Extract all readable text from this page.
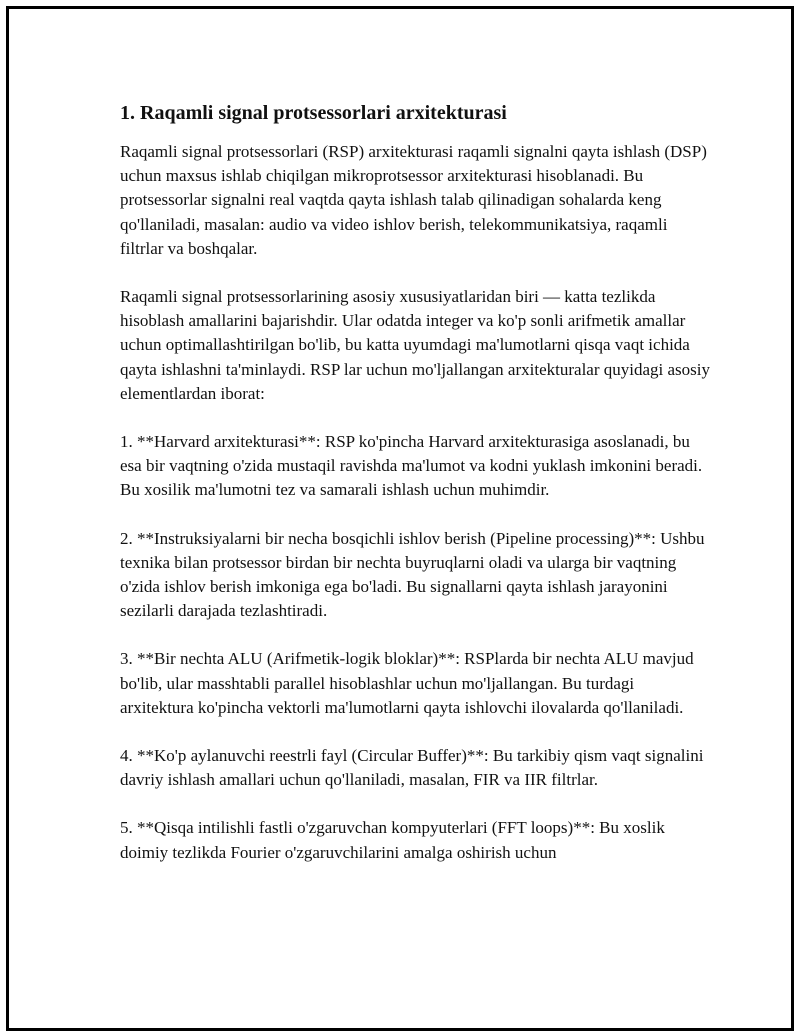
1. Raqamli signal protsessorlari arxitekturasi

Raqamli signal protsessorlari (RSP) arxitekturasi raqamli signalni qayta ishlash (DSP) uchun maxsus ishlab chiqilgan mikroprotsessor arxitekturasi hisoblanadi. Bu protsessorlar signalni real vaqtda qayta ishlash talab qilinadigan sohalarda keng qo'llaniladi, masalan: audio va video ishlov berish, telekommunikatsiya, raqamli filtrlar va boshqalar.

Raqamli signal protsessorlarining asosiy xususiyatlaridan biri — katta tezlikda hisoblash amallarini bajarishdir. Ular odatda integer va ko'p sonli arifmetik amallar uchun optimallashtirilgan bo'lib, bu katta uyumdagi ma'lumotlarni qisqa vaqt ichida qayta ishlashni ta'minlaydi. RSP lar uchun mo'ljallangan arxitekturalar quyidagi asosiy elementlardan iborat:

1. **Harvard arxitekturasi**: RSP ko'pincha Harvard arxitekturasiga asoslanadi, bu esa bir vaqtning o'zida mustaqil ravishda ma'lumot va kodni yuklash imkonini beradi. Bu xosilik ma'lumotni tez va samarali ishlash uchun muhimdir.

2. **Instruksiyalarni bir necha bosqichli ishlov berish (Pipeline processing)**: Ushbu texnika bilan protsessor birdan bir nechta buyruqlarni oladi va ularga bir vaqtning o'zida ishlov berish imkoniga ega bo'ladi. Bu signallarni qayta ishlash jarayonini sezilarli darajada tezlashtiradi.

3. **Bir nechta ALU (Arifmetik-logik bloklar)**: RSPlarda bir nechta ALU mavjud bo'lib, ular masshtabli parallel hisoblashlar uchun mo'ljallangan. Bu turdagi arxitektura ko'pincha vektorli ma'lumotlarni qayta ishlovchi ilovalarda qo'llaniladi.

4. **Ko'p aylanuvchi reestrli fayl (Circular Buffer)**: Bu tarkibiy qism vaqt signalini davriy ishlash amallari uchun qo'llaniladi, masalan, FIR va IIR filtrlar.

5. **Qisqa intilishli fastli o'zgaruvchan kompyuterlari (FFT loops)**: Bu xoslik doimiy tezlikda Fourier o'zgaruvchilarini amalga oshirish uchun
